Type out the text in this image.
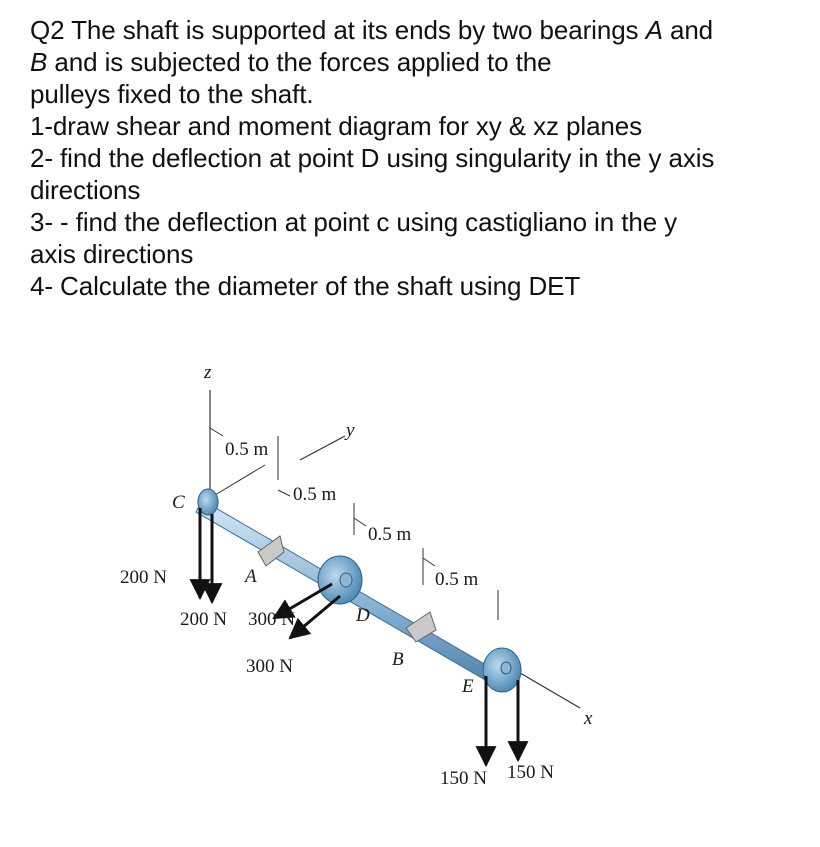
Q2 The shaft is supported at its ends by two bearings A and
B and is subjected to the forces applied to the
pulleys fixed to the shaft.
1-draw shear and moment diagram for xy & xz planes
2- find the deflection at point D using singularity in the y axis
directions
3- - find the deflection at point c using castigliano in the y
axis directions
4- Calculate the diameter of the shaft using DET
z
y
x
0.5 m
0.5 m
0.5 m
0.5 m
C
A
D
B
E
200 N
200 N 300 N
300 N
150 N 150 N
